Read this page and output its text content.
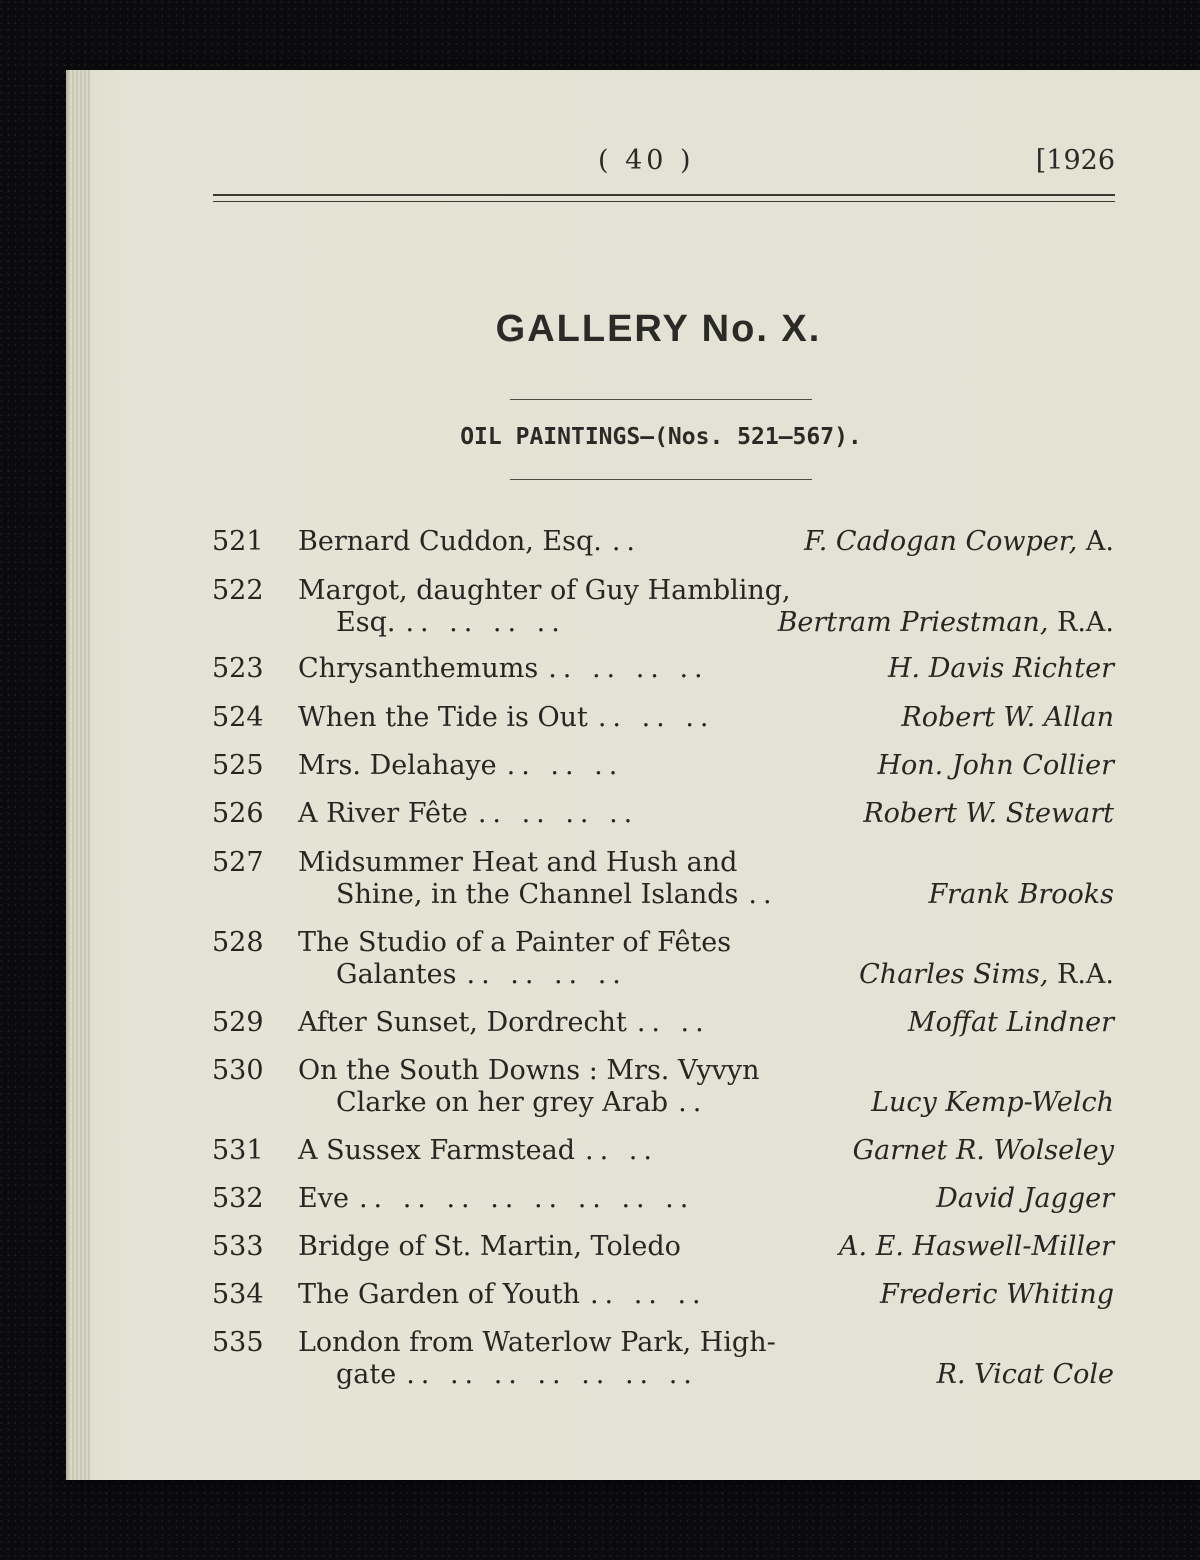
( 40 )	[1926
GALLERY No. X.
OIL PAINTINGS—(Nos. 521–567).
521	Bernard Cuddon, Esq. ..	F. Cadogan Cowper, A.
522	Margot, daughter of Guy Hambling,
Esq. .. .. .. ..	Bertram Priestman, R.A.
523	Chrysanthemums .. .. .. ..	H. Davis Richter
524	When the Tide is Out .. .. ..	Robert W. Allan
525	Mrs. Delahaye .. .. ..	Hon. John Collier
526	A River Fête .. .. .. ..	Robert W. Stewart
527	Midsummer Heat and Hush and
Shine, in the Channel Islands ..	Frank Brooks
528	The Studio of a Painter of Fêtes
Galantes .. .. .. ..	Charles Sims, R.A.
529	After Sunset, Dordrecht .. ..	Moffat Lindner
530	On the South Downs : Mrs. Vyvyn
Clarke on her grey Arab ..	Lucy Kemp-Welch
531	A Sussex Farmstead .. ..	Garnet R. Wolseley
532	Eve .. .. .. .. .. .. .. ..	David Jagger
533	Bridge of St. Martin, Toledo	A. E. Haswell-Miller
534	The Garden of Youth .. .. ..	Frederic Whiting
535	London from Waterlow Park, High-
gate .. .. .. .. .. .. ..	R. Vicat Cole
